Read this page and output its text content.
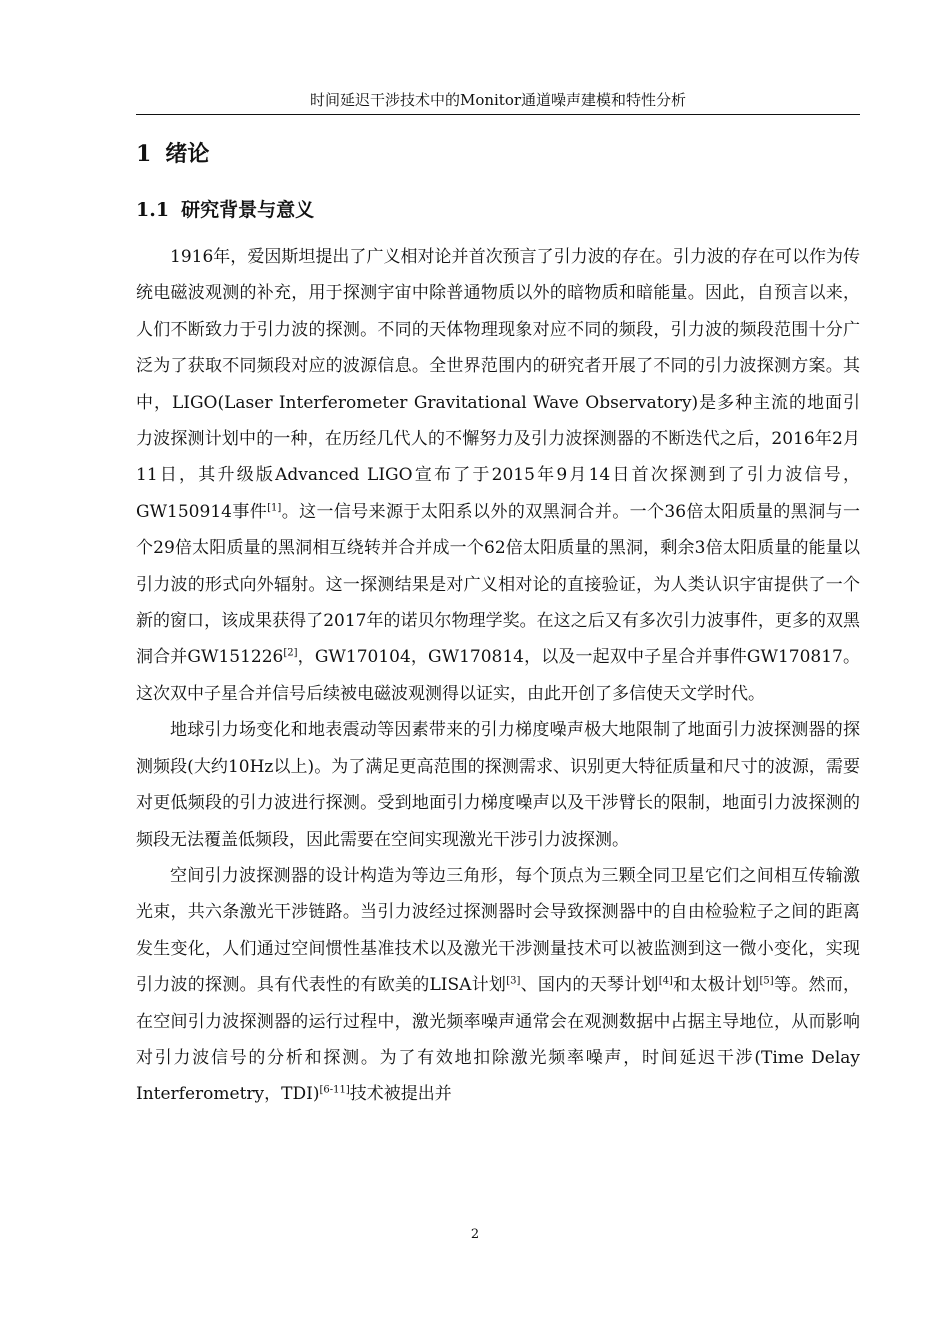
时间延迟干涉技术中的Monitor通道噪声建模和特性分析
1 绪论
1.1 研究背景与意义

1916年，爱因斯坦提出了广义相对论并首次预言了引力波的存在。引力波的存在可以作为传统电磁波观测的补充，用于探测宇宙中除普通物质以外的暗物质和暗能量。因此，自预言以来，人们不断致力于引力波的探测。不同的天体物理现象对应不同的频段，引力波的频段范围十分广泛为了获取不同频段对应的波源信息。全世界范围内的研究者开展了不同的引力波探测方案。其中，LIGO(Laser Interferometer Gravitational Wave Observatory)是多种主流的地面引力波探测计划中的一种，在历经几代人的不懈努力及引力波探测器的不断迭代之后，2016年2月11日，其升级版Advanced LIGO宣布了于2015年9月14日首次探测到了引力波信号，GW150914事件[1]。这一信号来源于太阳系以外的双黑洞合并。一个36倍太阳质量的黑洞与一个29倍太阳质量的黑洞相互绕转并合并成一个62倍太阳质量的黑洞，剩余3倍太阳质量的能量以引力波的形式向外辐射。这一探测结果是对广义相对论的直接验证，为人类认识宇宙提供了一个新的窗口，该成果获得了2017年的诺贝尔物理学奖。在这之后又有多次引力波事件，更多的双黑洞合并GW151226[2]，GW170104，GW170814，以及一起双中子星合并事件GW170817。这次双中子星合并信号后续被电磁波观测得以证实，由此开创了多信使天文学时代。

地球引力场变化和地表震动等因素带来的引力梯度噪声极大地限制了地面引力波探测器的探测频段(大约10Hz以上)。为了满足更高范围的探测需求、识别更大特征质量和尺寸的波源，需要对更低频段的引力波进行探测。受到地面引力梯度噪声以及干涉臂长的限制，地面引力波探测的频段无法覆盖低频段，因此需要在空间实现激光干涉引力波探测。

空间引力波探测器的设计构造为等边三角形，每个顶点为三颗全同卫星它们之间相互传输激光束，共六条激光干涉链路。当引力波经过探测器时会导致探测器中的自由检验粒子之间的距离发生变化，人们通过空间惯性基准技术以及激光干涉测量技术可以被监测到这一微小变化，实现引力波的探测。具有代表性的有欧美的LISA计划[3]、国内的天琴计划[4]和太极计划[5]等。然而，在空间引力波探测器的运行过程中，激光频率噪声通常会在观测数据中占据主导地位，从而影响对引力波信号的分析和探测。为了有效地扣除激光频率噪声，时间延迟干涉(Time Delay Interferometry，TDI)[6-11]技术被提出并

2
